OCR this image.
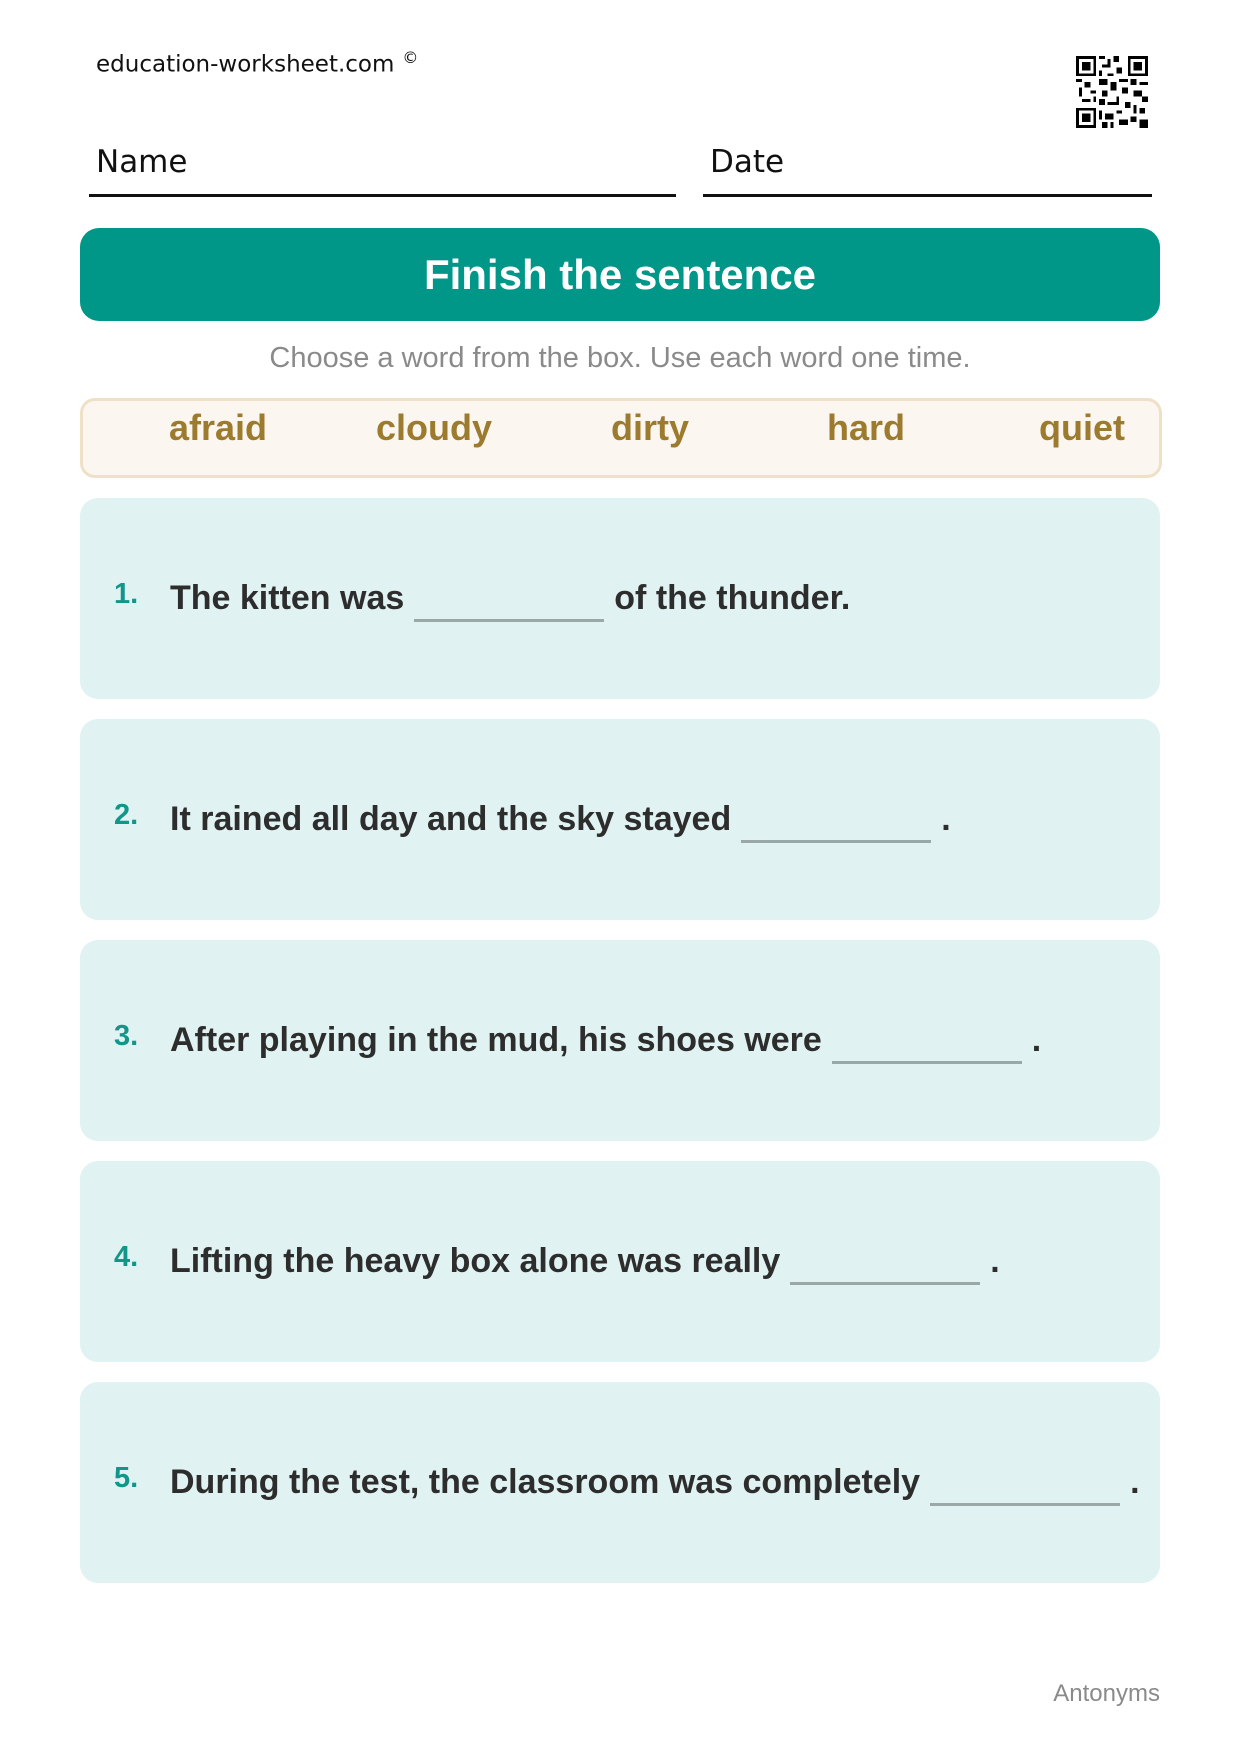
education-worksheet.com ©
Name	Date
Finish the sentence
Choose a word from the box. Use each word one time.
afraid	cloudy	dirty	hard	quiet
1. The kitten was	of the thunder.
2. It rained all day and the sky stayed	.
3. After playing in the mud, his shoes were	.
4. Lifting the heavy box alone was really	.
5. During the test, the classroom was completely	.
Antonyms
